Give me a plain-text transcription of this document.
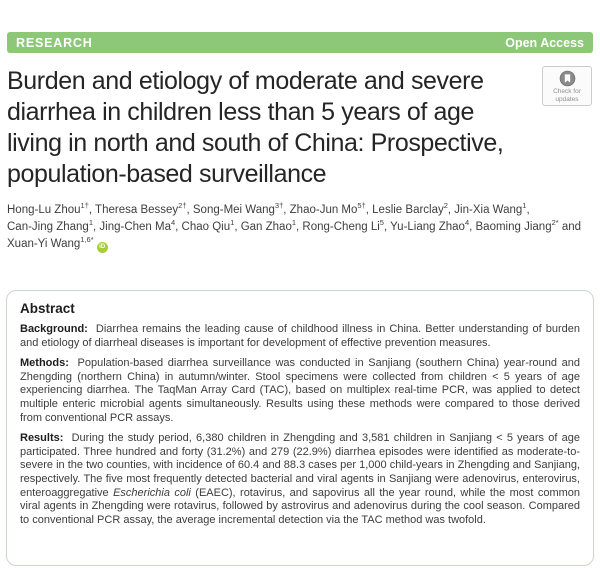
RESEARCH	Open Access
Burden and etiology of moderate and severe
diarrhea in children less than 5 years of age
living in north and south of China: Prospective,
population-based surveillance
Check for
updates
Hong-Lu Zhou$^{1\dagger}$, Theresa Bessey$^{2\dagger}$, Song-Mei Wang$^{3\dagger}$, Zhao-Jun $Mo^{5\dagger}$, Leslie Barclay$^2$, Jin-Xia Wang$^1$,
Can-Jing Zhang$^1$, Jing-Chen Ma$^4$, Chao Qiu$^1$, Gan Zhao$^1$, Rong-Cheng Li$^5$, Yu-Liang Zhao$^4$, Baoming Jiang$^{2*}$ and
Xuan-Yi Wang$^{1,6*}$iD
Abstract

Background: Diarrhea remains the leading cause of childhood illness in China. Better understanding of burden and etiology of diarrheal diseases is important for development of effective prevention measures.

Methods: Population-based diarrhea surveillance was conducted in Sanjiang (southern China) year-round and Zhengding (northern China) in autumn/winter. Stool specimens were collected from children < 5 years of age experiencing diarrhea. The TaqMan Array Card (TAC), based on multiplex real-time PCR, was applied to detect multiple enteric microbial agents simultaneously. Results using these methods were compared to those derived from conventional PCR assays.

Results: During the study period, 6,380 children in Zhengding and 3,581 children in Sanjiang < 5 years of age participated. Three hundred and forty (31.2%) and 279 (22.9%) diarrhea episodes were identified as moderate-to-severe in the two counties, with incidence of 60.4 and 88.3 cases per 1,000 child-years in Zhengding and Sanjiang, respectively. The five most frequently detected bacterial and viral agents in Sanjiang were adenovirus, enterovirus, enteroaggregative Escherichia coli (EAEC), rotavirus, and sapovirus all the year round, while the most common viral agents in Zhengding were rotavirus, followed by astrovirus and adenovirus during the cool season. Compared to conventional PCR assay, the average incremental detection via the TAC method was twofold.
